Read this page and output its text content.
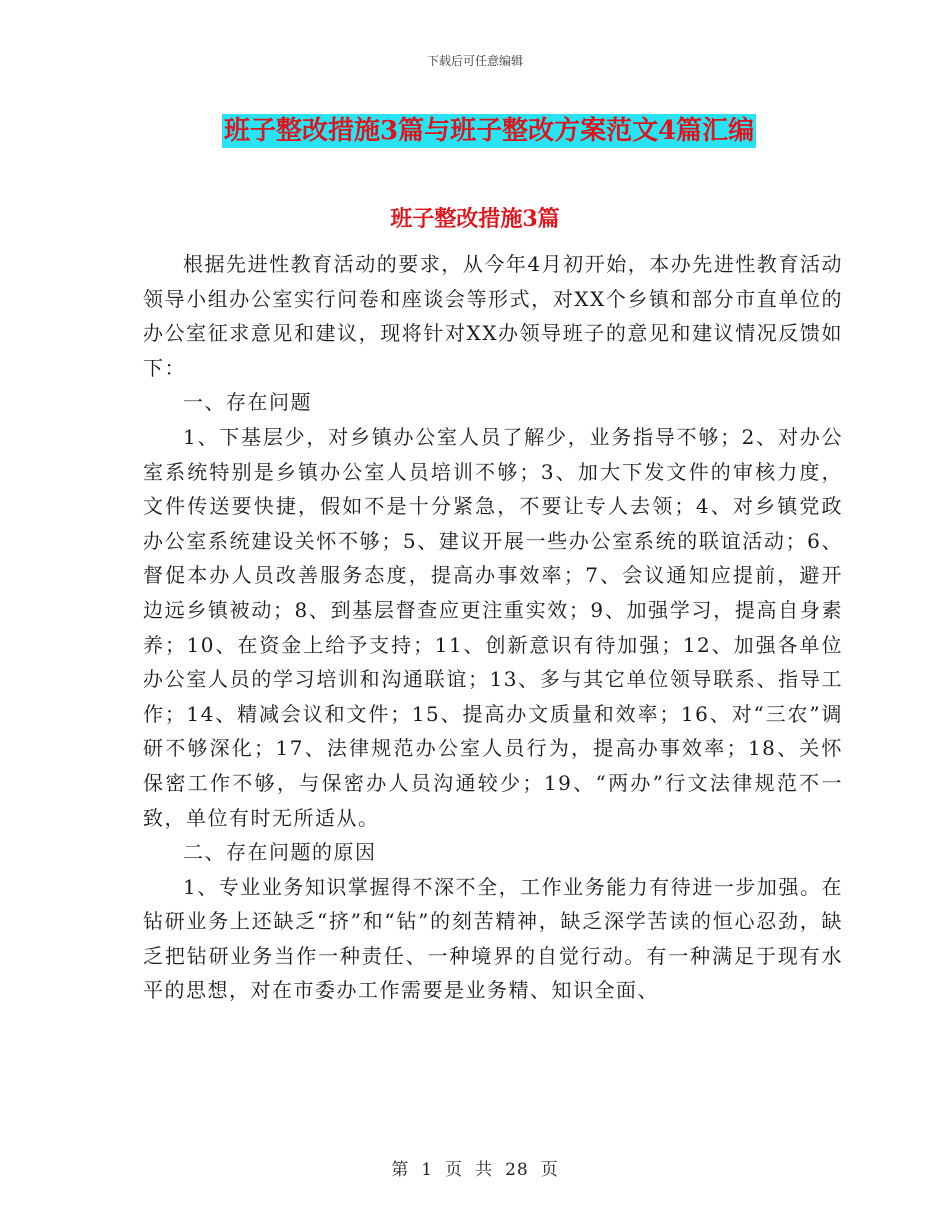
下载后可任意编辑
班子整改措施3篇与班子整改方案范文4篇汇编
班子整改措施3篇

根据先进性教育活动的要求，从今年4月初开始，本办先进性教育活动领导小组办公室实行问卷和座谈会等形式，对XX个乡镇和部分市直单位的办公室征求意见和建议，现将针对XX办领导班子的意见和建议情况反馈如下：

一、存在问题

1、下基层少，对乡镇办公室人员了解少，业务指导不够；2、对办公室系统特别是乡镇办公室人员培训不够；3、加大下发文件的审核力度，文件传送要快捷，假如不是十分紧急，不要让专人去领；4、对乡镇党政办公室系统建设关怀不够；5、建议开展一些办公室系统的联谊活动；6、督促本办人员改善服务态度，提高办事效率；7、会议通知应提前，避开边远乡镇被动；8、到基层督查应更注重实效；9、加强学习，提高自身素养；10、在资金上给予支持；11、创新意识有待加强；12、加强各单位办公室人员的学习培训和沟通联谊；13、多与其它单位领导联系、指导工作；14、精减会议和文件；15、提高办文质量和效率；16、对“三农”调研不够深化；17、法律规范办公室人员行为，提高办事效率；18、关怀保密工作不够，与保密办人员沟通较少；19、“两办”行文法律规范不一致，单位有时无所适从。

二、存在问题的原因

1、专业业务知识掌握得不深不全，工作业务能力有待进一步加强。在钻研业务上还缺乏“挤”和“钻”的刻苦精神，缺乏深学苦读的恒心忍劲，缺乏把钻研业务当作一种责任、一种境界的自觉行动。有一种满足于现有水平的思想，对在市委办工作需要是业务精、知识全面、

第 1 页 共 28 页
